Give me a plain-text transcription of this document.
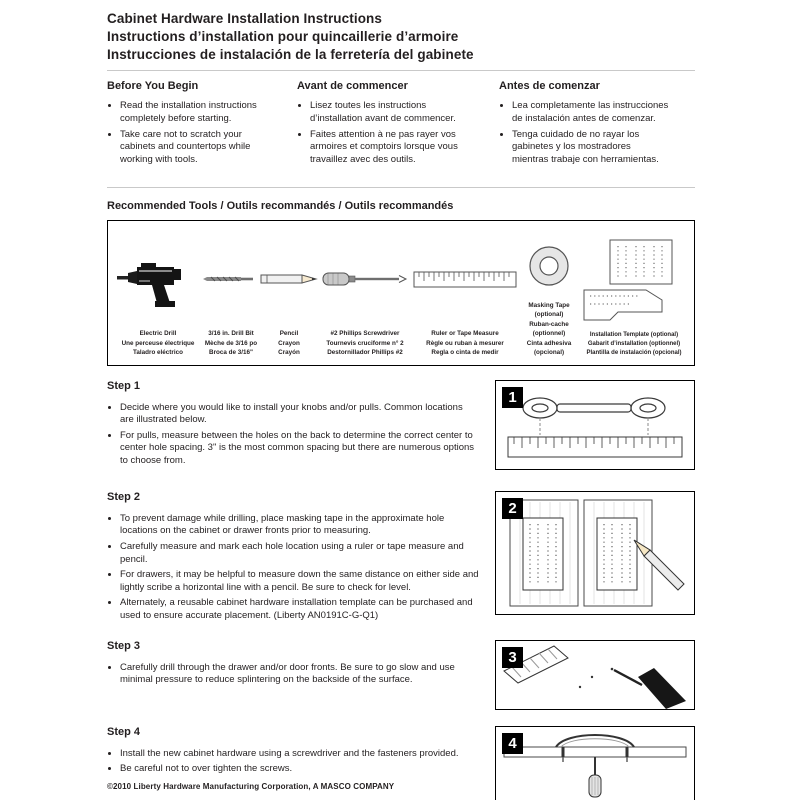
Cabinet Hardware Installation Instructions
Instructions d’installation pour quincaillerie d’armoire
Instrucciones de instalación de la ferretería del gabinete
Before You Begin
• Read the installation instructions completely before starting.
• Take care not to scratch your cabinets and countertops while working with tools.
Avant de commencer
• Lisez toutes les instructions d’installation avant de commencer.
• Faites attention à ne pas rayer vos armoires et comptoirs lorsque vous travaillez avec des outils.
Antes de comenzar
• Lea completamente las instrucciones de instalación antes de comenzar.
• Tenga cuidado de no rayar los gabinetes y los mostradores mientras trabaje con herramientas.
Recommended Tools / Outils recommandés / Outils recommandés
Electric Drill
Une perceuse électrique
Taladro eléctrico
3/16 in. Drill Bit
Mèche de 3/16 po
Broca de 3/16"
Pencil
Crayon
Crayón
#2 Phillips Screwdriver
Tournevis cruciforme n° 2
Destornillador Phillips #2
Ruler or Tape Measure
Règle ou ruban à mesurer
Regla o cinta de medir
Masking Tape (optional)
Ruban-cache (optionnel)
Cinta adhesiva (opcional)
Installation Template (optional)
Gabarit d’installation (optionnel)
Plantilla de instalación (opcional)
Step 1
• Decide where you would like to install your knobs and/or pulls. Common locations are illustrated below.
• For pulls, measure between the holes on the back to determine the correct center to center hole spacing. 3" is the most common spacing but there are numerous options to choose from.
1
Step 2
• To prevent damage while drilling, place masking tape in the approximate hole locations on the cabinet or drawer fronts prior to measuring.
• Carefully measure and mark each hole location using a ruler or tape measure and pencil.
• For drawers, it may be helpful to measure down the same distance on either side and lightly scribe a horizontal line with a pencil. Be sure to check for level.
• Alternately, a reusable cabinet hardware installation template can be purchased and used to ensure accurate placement. (Liberty AN0191C-G-Q1)
2
Step 3
• Carefully drill through the drawer and/or door fronts. Be sure to go slow and use minimal pressure to reduce splintering on the backside of the surface.
3
Step 4
• Install the new cabinet hardware using a screwdriver and the fasteners provided.
• Be careful not to over tighten the screws.
4
©2010 Liberty Hardware Manufacturing Corporation, A MASCO COMPANY
